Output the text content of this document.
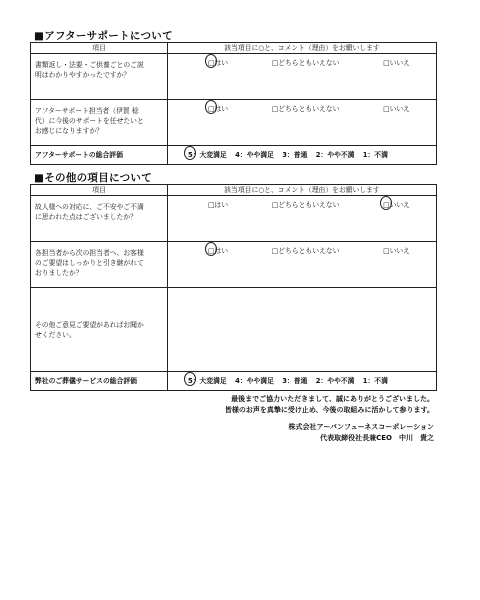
■アフターサポートについて
項目	該当項目に○と、コメント（理由）をお願いします

書類返し・法要・ご供養ごとのご説
明はわかりやすかったですか？	□はい □どちらともいえない □いいえ

アフターサポート担当者（伊賀 稔
代）に今後のサポートを任せたいと
お感じになりますか？	□はい □どちらともいえない □いいえ

アフターサポートの総合評価	5：大変満足 4：やや満足 3：普通 2：やや不満 1：不満
■その他の項目について
項目	該当項目に○と、コメント（理由）をお願いします

故人様への対応に、ご不安やご不満
に思われた点はございましたか？	□はい □どちらともいえない □いいえ

各担当者から次の担当者へ、お客様
のご要望はしっかりと引き継がれて
おりましたか？	□はい □どちらともいえない □いいえ

その他ご意見ご要望があればお聞か
せください。	

弊社のご葬儀サービスの総合評価	5：大変満足 4：やや満足 3：普通 2：やや不満 1：不満
最後までご協力いただきまして、誠にありがとうございました。
皆様のお声を真摯に受け止め、今後の取組みに活かして参ります。
株式会社アーバンフューネスコーポレーション
代表取締役社長兼CEO　中川　貴之
